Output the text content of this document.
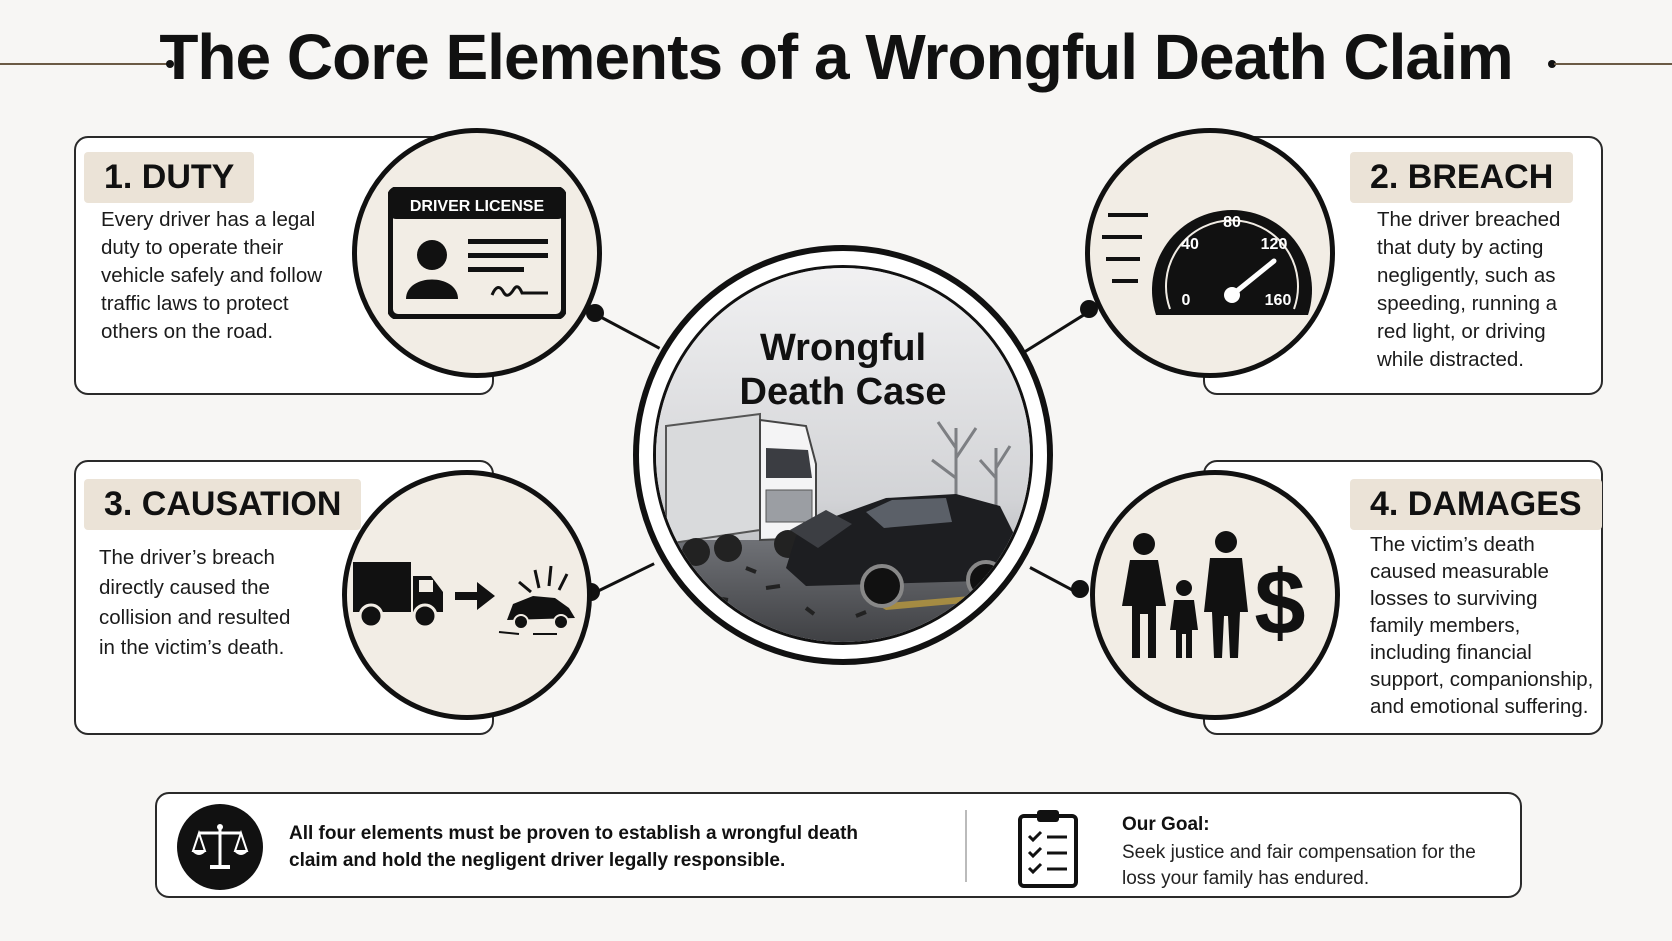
The Core Elements of a Wrongful Death Claim
1. DUTY
Every driver has a legal duty to operate their vehicle safely and follow traffic laws to protect others on the road.
DRIVER LICENSE
2. BREACH
The driver breached that duty by acting negligently, such as speeding, running a red light, or driving while distracted.
0
40
80
120
160
3. CAUSATION
The driver’s breach directly caused the collision and resulted in the victim’s death.
4. DAMAGES
The victim’s death caused measurable losses to surviving family members, including financial support, companionship, and emotional suffering.
$
Wrongful
Death Case
All four elements must be proven to establish a wrongful death claim and hold the negligent driver legally responsible.
Our Goal:
Seek justice and fair compensation for the loss your family has endured.
